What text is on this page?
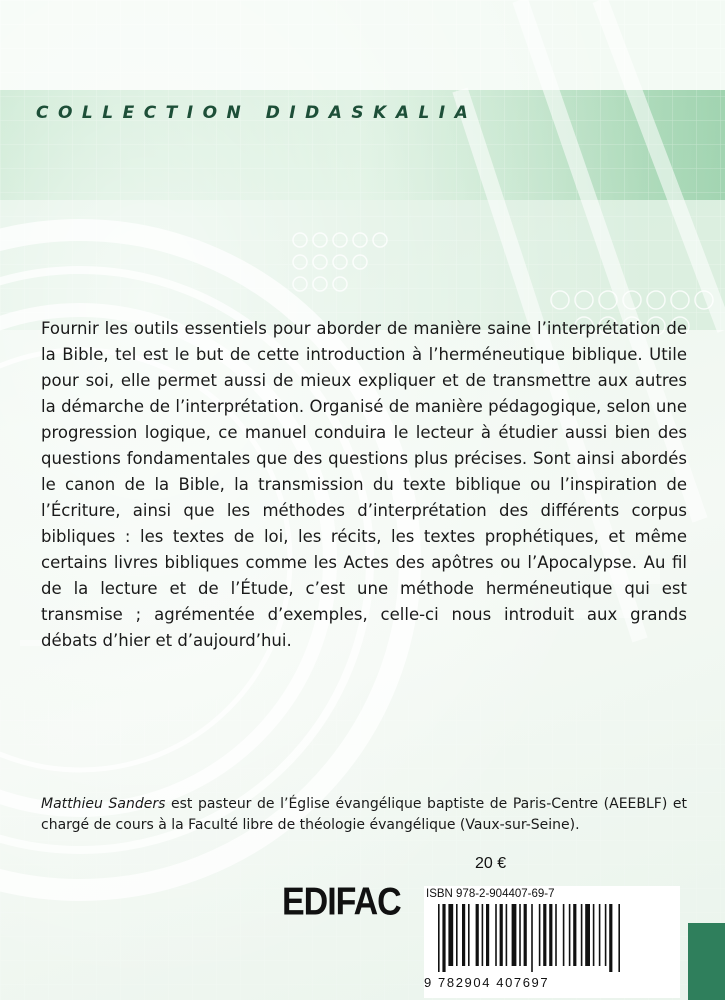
COLLECTION DIDASKALIA

Fournir les outils essentiels pour aborder de manière saine l’interprétation de la Bible, tel est le but de cette introduction à l’herméneutique biblique. Utile pour soi, elle permet aussi de mieux expliquer et de transmettre aux autres la démarche de l’interprétation. Organisé de manière pédagogique, selon une progression logique, ce manuel conduira le lecteur à étudier aussi bien des questions fondamentales que des questions plus précises. Sont ainsi abordés le canon de la Bible, la transmission du texte biblique ou l’inspiration de l’Écriture, ainsi que les méthodes d’interprétation des différents corpus bibliques : les textes de loi, les récits, les textes prophétiques, et même certains livres bibliques comme les Actes des apôtres ou l’Apocalypse. Au fil de la lecture et de l’Étude, c’est une méthode herméneutique qui est transmise ; agrémentée d’exemples, celle-ci nous introduit aux grands débats d’hier et d’aujourd’hui.

Matthieu Sanders est pasteur de l’Église évangélique baptiste de Paris-Centre (AEEBLF) et chargé de cours à la Faculté libre de théologie évangélique (Vaux-sur-Seine).

20 €
EDIFAC ISBN 978-2-904407-69-7
9 782904 407697
